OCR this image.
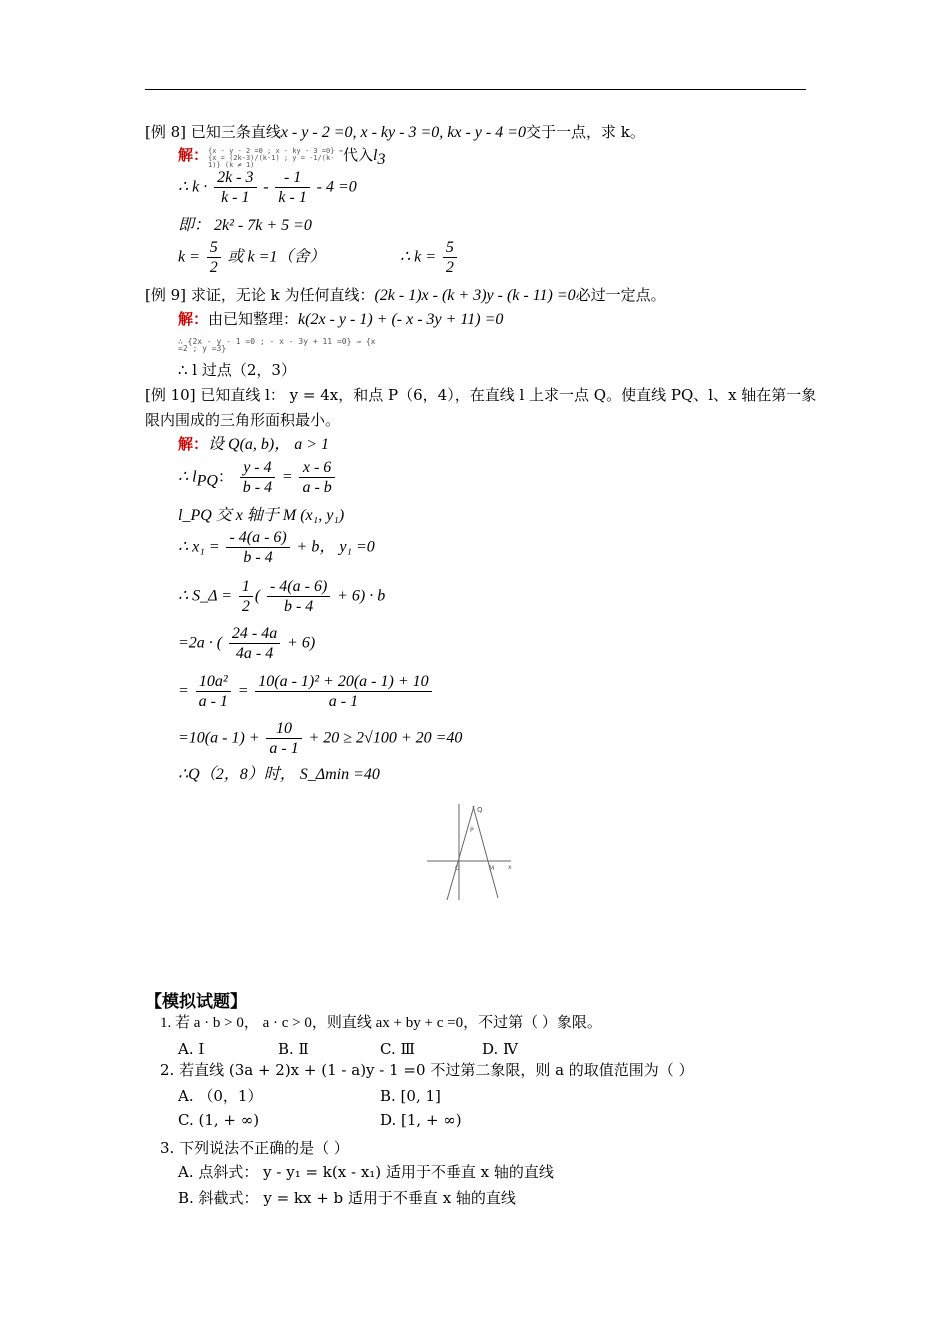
[例 8] 已知三条直线x - y - 2 =0, x - ky - 3 =0, kx - y - 4 =0交于一点，求 k。
解：{x - y - 2 =0 ; x - ky - 3 =0} ⇒ {x = (2k-3)/(k-1) ; y = -1/(k-1)} (k ≠ 1)代入$l_3$
∴ $k \cdot \frac{2k - 3}{k - 1} - \frac{- 1}{k - 1} - 4 =0$
即： 2k² - 7k + 5 =0
$k = \frac{5}{2}$ 或 k =1（舍）	∴ $k = \frac{5}{2}$
[例 9] 求证，无论 k 为任何直线：(2k - 1)x - (k + 3)y - (k - 11) =0必过一定点。
解：由已知整理：k(2x - y - 1) + (- x - 3y + 11) =0
∴ {2x - y - 1 =0 ; - x - 3y + 11 =0} ⇒ {x =2 ; y =3}
∴ l 过点（2，3）
[例 10] 已知直线 l： y = 4x，和点 P（6，4），在直线 l 上求一点 Q。使直线 PQ、l、x 轴在第一象
限内围成的三角形面积最小。
解：设 Q(a, b)， a > 1
∴ $l_{PQ}$： $\frac{y - 4}{b - 4} = \frac{x - 6}{a - b}$
l_PQ 交 x 轴于 M (x₁, y₁)
∴ $x_1 = \frac{- 4(a - 6)}{b - 4} + b$， y₁ =0
∴ S_Δ = $\frac{1}{2}$ ( $\frac{- 4(a - 6)}{b - 4} + 6) \cdot b$
=2a · ( $\frac{24 - 4a}{4a - 4} + 6$)
= $\frac{\text{10a²}}{a - 1} = \frac{\text{10(a - 1)² + 20(a - 1) + 10}}{a - 1}$
$=10(a - 1) + \frac{10}{a - 1} + 20 \ge 2√100 + 20 =40$
∴Q（2，8）时， S_Δmin =40
Q
P
O	M x
【模拟试题】
1. 若 a · b > 0， a · c > 0，则直线 ax + by + c =0，不过第（ ）象限。
A. Ⅰ	B. Ⅱ	C. Ⅲ	D. Ⅳ
2. 若直线 (3a + 2)x + (1 - a)y - 1 =0 不过第二象限，则 a 的取值范围为（ ）
A. （0，1）	B. [0, 1]
C. (1, + ∞)	D. [1, + ∞)
3. 下列说法不正确的是（ ）
A. 点斜式： y - y₁ = k(x - x₁) 适用于不垂直 x 轴的直线
B. 斜截式： y = kx + b 适用于不垂直 x 轴的直线
